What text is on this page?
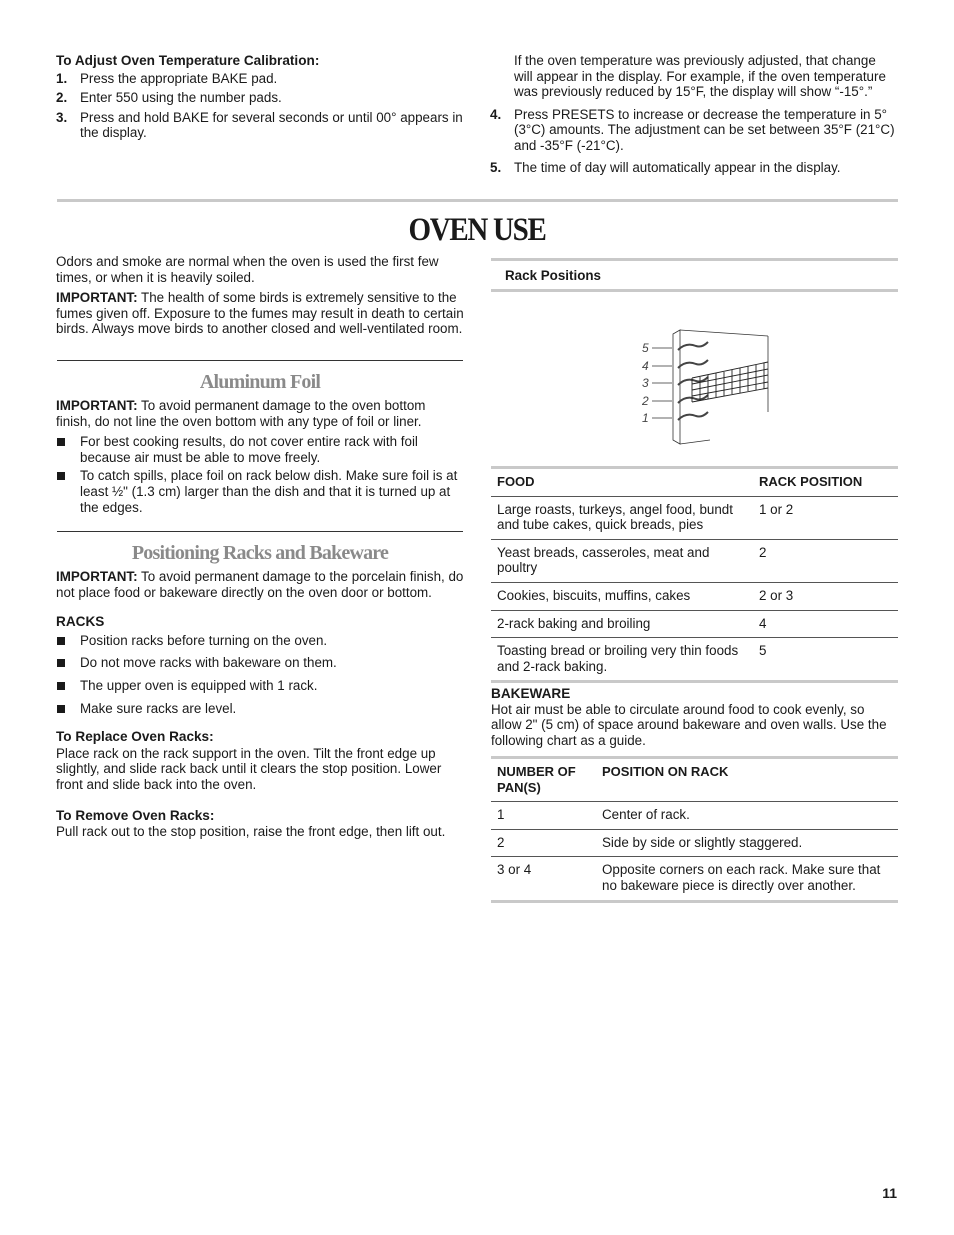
To Adjust Oven Temperature Calibration:

1. Press the appropriate BAKE pad.
2. Enter 550 using the number pads.
3. Press and hold BAKE for several seconds or until 00° appears in the display.

If the oven temperature was previously adjusted, that change will appear in the display. For example, if the oven temperature was previously reduced by 15°F, the display will show “-15°.”

4. Press PRESETS to increase or decrease the temperature in 5° (3°C) amounts. The adjustment can be set between 35°F (21°C) and -35°F (-21°C).
5. The time of day will automatically appear in the display.
OVEN USE

Odors and smoke are normal when the oven is used the first few times, or when it is heavily soiled.

IMPORTANT: The health of some birds is extremely sensitive to the fumes given off. Exposure to the fumes may result in death to certain birds. Always move birds to another closed and well-ventilated room.

Aluminum Foil

IMPORTANT: To avoid permanent damage to the oven bottom finish, do not line the oven bottom with any type of foil or liner.

For best cooking results, do not cover entire rack with foil because air must be able to move freely.
To catch spills, place foil on rack below dish. Make sure foil is at least ½" (1.3 cm) larger than the dish and that it is turned up at the edges.
Positioning Racks and Bakeware

IMPORTANT: To avoid permanent damage to the porcelain finish, do not place food or bakeware directly on the oven door or bottom.

RACKS

Position racks before turning on the oven.
Do not move racks with bakeware on them.
The upper oven is equipped with 1 rack.
Make sure racks are level.

To Replace Oven Racks:

Place rack on the rack support in the oven. Tilt the front edge up slightly, and slide rack back until it clears the stop position. Lower front and slide back into the oven.

To Remove Oven Racks:

Pull rack out to the stop position, raise the front edge, then lift out.

Rack Positions
5
4
3
2
1
FOOD	RACK POSITION
Large roasts, turkeys, angel food, bundt and tube cakes, quick breads, pies	1 or 2
Yeast breads, casseroles, meat and poultry	2
Cookies, biscuits, muffins, cakes	2 or 3
2-rack baking and broiling	4
Toasting bread or broiling very thin foods and 2-rack baking.	5

BAKEWARE

Hot air must be able to circulate around food to cook evenly, so allow 2" (5 cm) of space around bakeware and oven walls. Use the following chart as a guide.

NUMBER OF PAN(S)	POSITION ON RACK
1	Center of rack.
2	Side by side or slightly staggered.
3 or 4	Opposite corners on each rack. Make sure that no bakeware piece is directly over another.
11
